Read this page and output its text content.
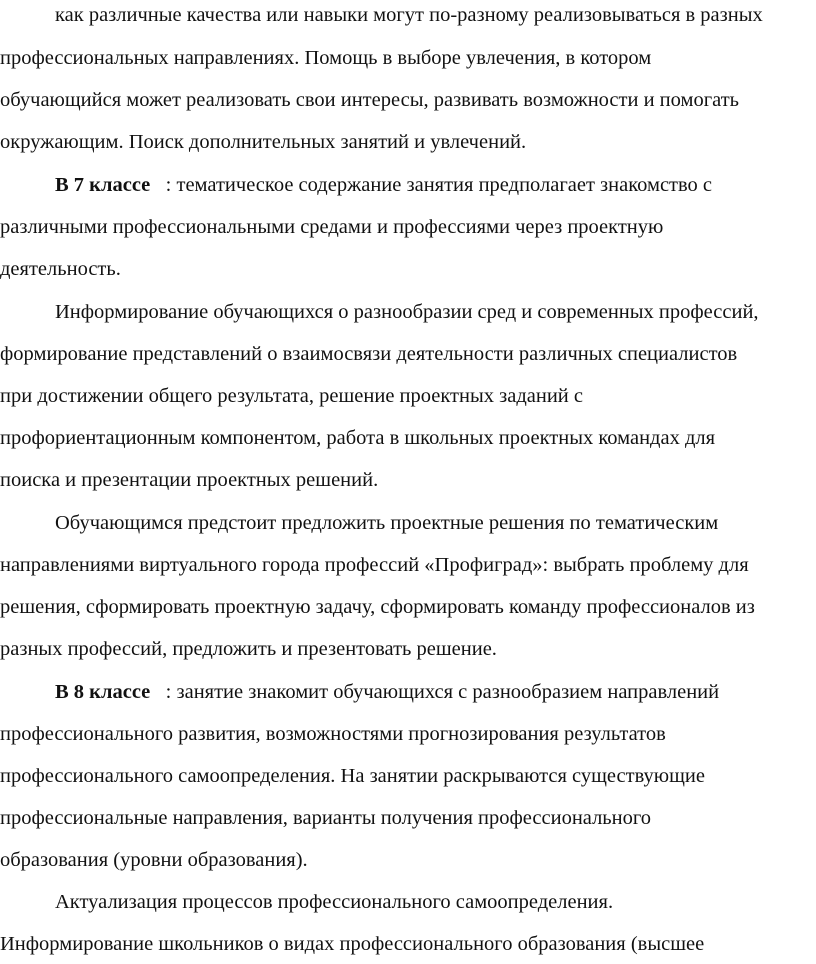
как различные качества или навыки могут по-разному реализовываться в разных
профессиональных направлениях. Помощь в выборе увлечения, в котором
обучающийся может реализовать свои интересы, развивать возможности и помогать
окружающим. Поиск дополнительных занятий и увлечений.
В 7 классе : тематическое содержание занятия предполагает знакомство с
различными профессиональными средами и профессиями через проектную
деятельность.
Информирование обучающихся о разнообразии сред и современных профессий,
формирование представлений о взаимосвязи деятельности различных специалистов
при достижении общего результата, решение проектных заданий с
профориентационным компонентом, работа в школьных проектных командах для
поиска и презентации проектных решений.
Обучающимся предстоит предложить проектные решения по тематическим
направлениями виртуального города профессий «Профиград»: выбрать проблему для
решения, сформировать проектную задачу, сформировать команду профессионалов из
разных профессий, предложить и презентовать решение.
В 8 классе : занятие знакомит обучающихся с разнообразием направлений
профессионального развития, возможностями прогнозирования результатов
профессионального самоопределения. На занятии раскрываются существующие
профессиональные направления, варианты получения профессионального
образования (уровни образования).
Актуализация процессов профессионального самоопределения.
Информирование школьников о видах профессионального образования (высшее
